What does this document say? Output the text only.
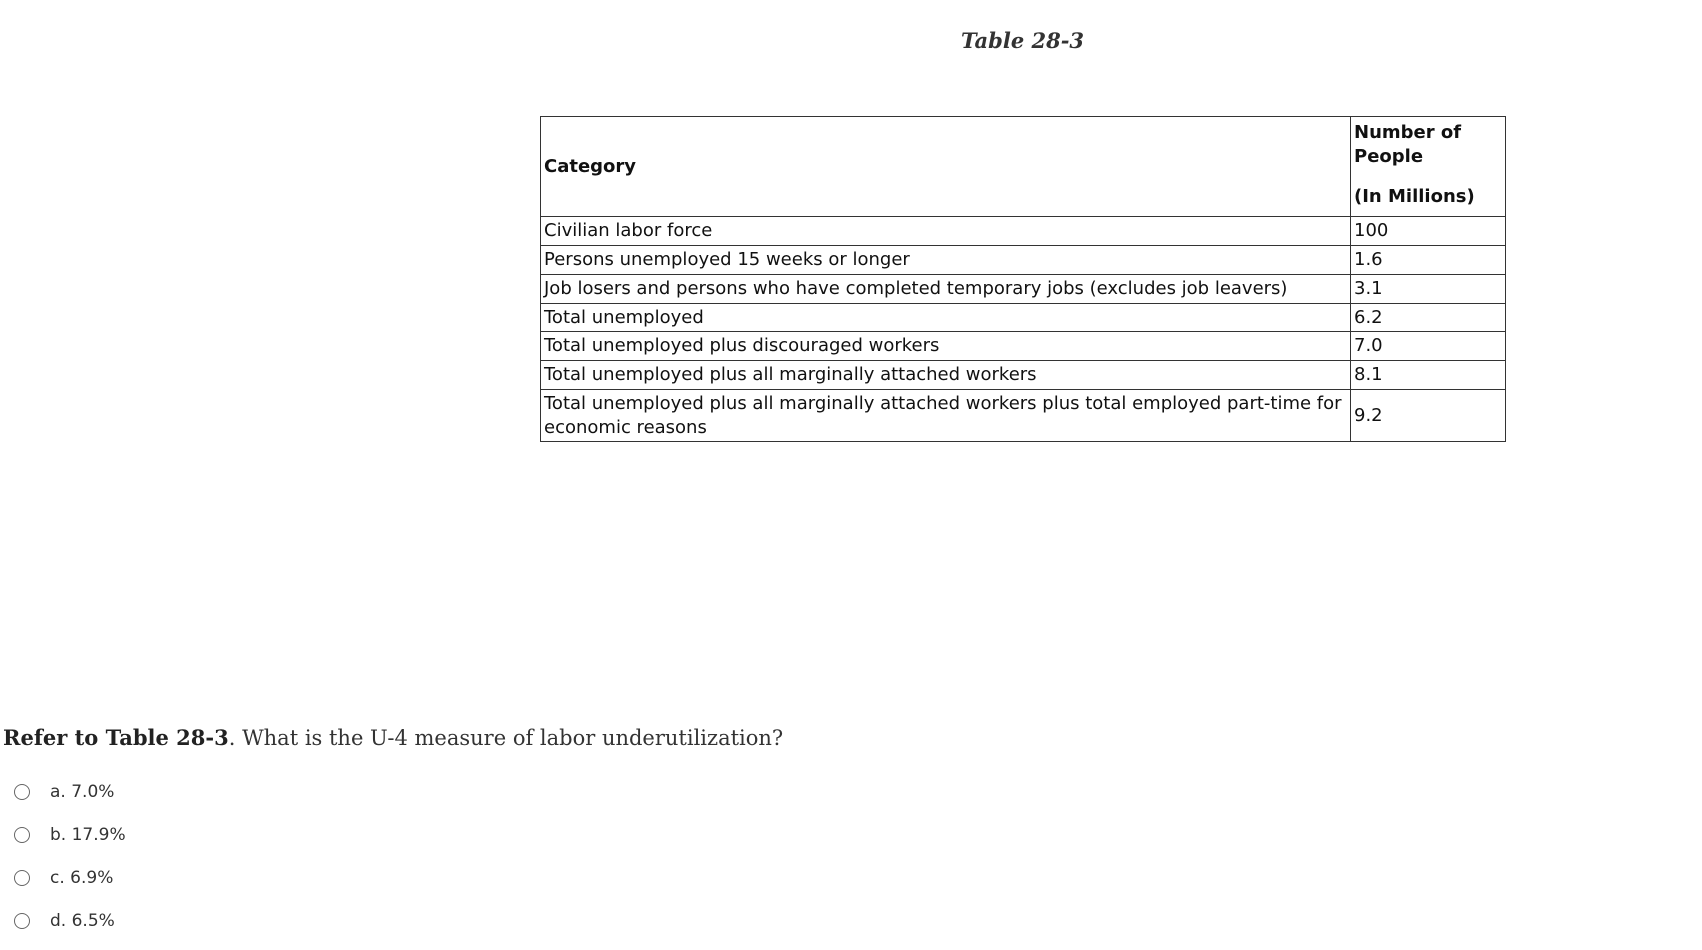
Table 28-3
Category	Number of
People
(In Millions)

Civilian labor force	100
Persons unemployed 15 weeks or longer	1.6
Job losers and persons who have completed temporary jobs (excludes job leavers)	3.1
Total unemployed	6.2
Total unemployed plus discouraged workers	7.0
Total unemployed plus all marginally attached workers	8.1
Total unemployed plus all marginally attached workers plus total employed part-time for economic reasons	9.2
Refer to Table 28-3. What is the U-4 measure of labor underutilization?
a. 7.0%
b. 17.9%
c. 6.9%
d. 6.5%
